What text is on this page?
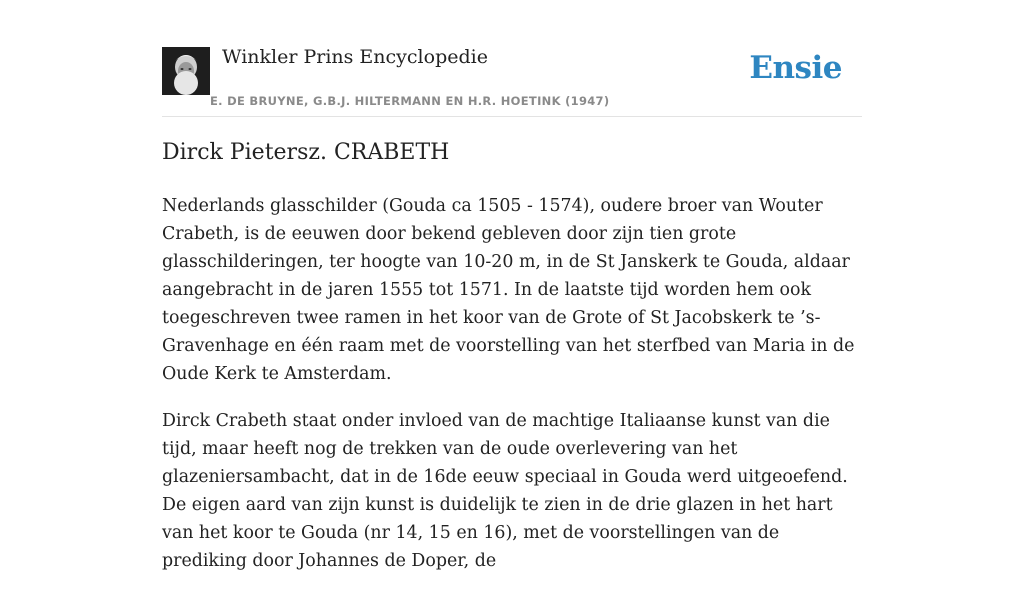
Winkler Prins Encyclopedie
E. DE BRUYNE, G.B.J. HILTERMANN EN H.R. HOETINK (1947)
Ensie
Dirck Pietersz. CRABETH

Nederlands glasschilder (Gouda ca 1505 - 1574), oudere broer van Wouter Crabeth, is de eeuwen door bekend gebleven door zijn tien grote glasschilderingen, ter hoogte van 10-20 m, in de St Janskerk te Gouda, aldaar aangebracht in de jaren 1555 tot 1571. In de laatste tijd worden hem ook toegeschreven twee ramen in het koor van de Grote of St Jacobskerk te ’s-Gravenhage en één raam met de voorstelling van het sterfbed van Maria in de Oude Kerk te Amsterdam.

Dirck Crabeth staat onder invloed van de machtige Italiaanse kunst van die tijd, maar heeft nog de trekken van de oude overlevering van het glazeniersambacht, dat in de 16de eeuw speciaal in Gouda werd uitgeoefend. De eigen aard van zijn kunst is duidelijk te zien in de drie glazen in het hart van het koor te Gouda (nr 14, 15 en 16), met de voorstellingen van de prediking door Johannes de Doper, de
